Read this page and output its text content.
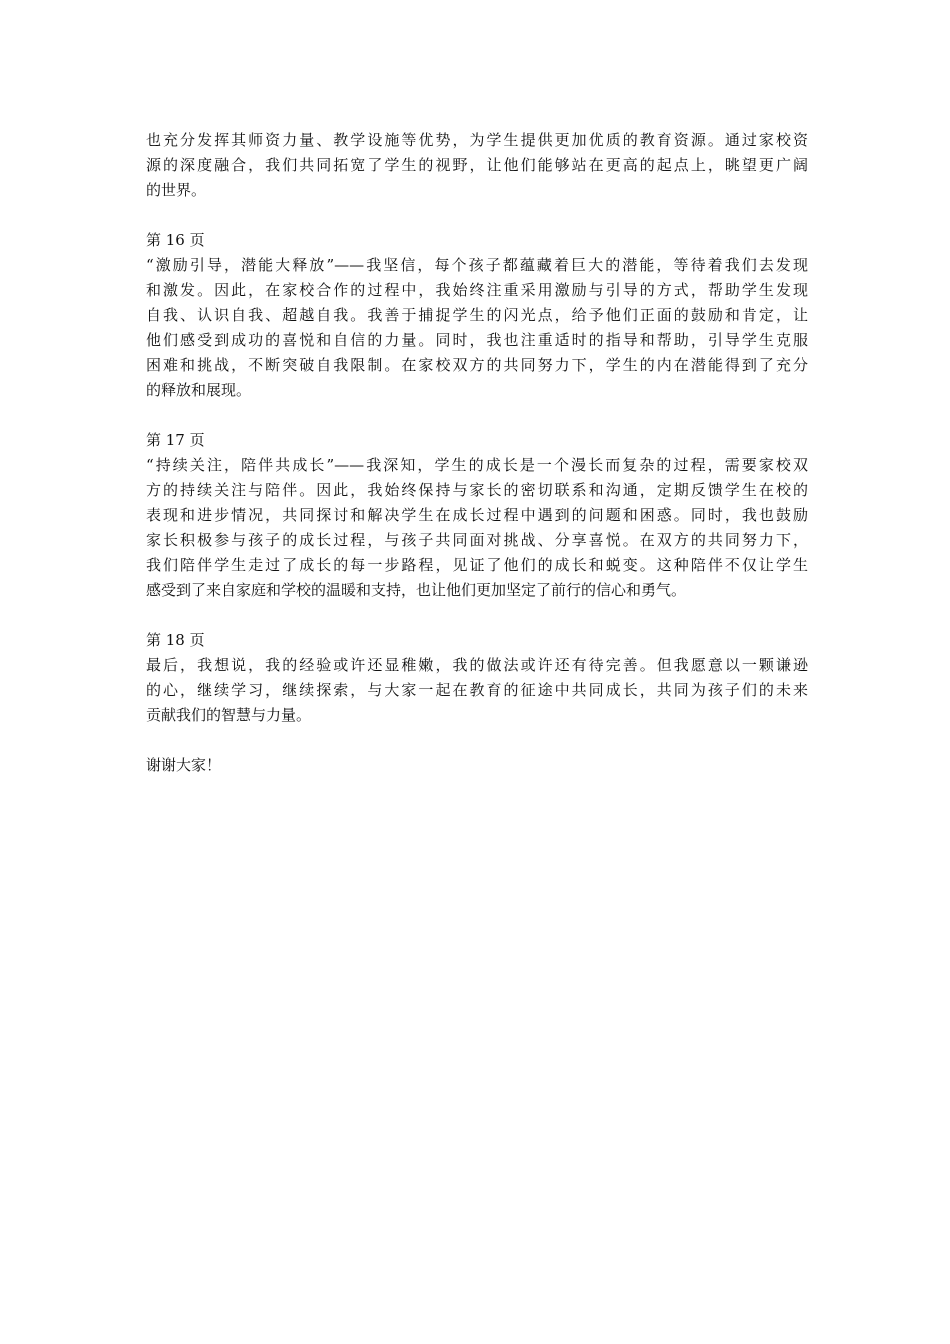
也充分发挥其师资力量、教学设施等优势，为学生提供更加优质的教育资源。通过家校资
源的深度融合，我们共同拓宽了学生的视野，让他们能够站在更高的起点上，眺望更广阔
的世界。

第 16 页

“激励引导，潜能大释放”——我坚信，每个孩子都蕴藏着巨大的潜能，等待着我们去发现
和激发。因此，在家校合作的过程中，我始终注重采用激励与引导的方式，帮助学生发现
自我、认识自我、超越自我。我善于捕捉学生的闪光点，给予他们正面的鼓励和肯定，让
他们感受到成功的喜悦和自信的力量。同时，我也注重适时的指导和帮助，引导学生克服
困难和挑战，不断突破自我限制。在家校双方的共同努力下，学生的内在潜能得到了充分
的释放和展现。

第 17 页

“持续关注，陪伴共成长”——我深知，学生的成长是一个漫长而复杂的过程，需要家校双
方的持续关注与陪伴。因此，我始终保持与家长的密切联系和沟通，定期反馈学生在校的
表现和进步情况，共同探讨和解决学生在成长过程中遇到的问题和困惑。同时，我也鼓励
家长积极参与孩子的成长过程，与孩子共同面对挑战、分享喜悦。在双方的共同努力下，
我们陪伴学生走过了成长的每一步路程，见证了他们的成长和蜕变。这种陪伴不仅让学生
感受到了来自家庭和学校的温暖和支持，也让他们更加坚定了前行的信心和勇气。

第 18 页

最后，我想说，我的经验或许还显稚嫩，我的做法或许还有待完善。但我愿意以一颗谦逊
的心，继续学习，继续探索，与大家一起在教育的征途中共同成长，共同为孩子们的未来
贡献我们的智慧与力量。
谢谢大家！
